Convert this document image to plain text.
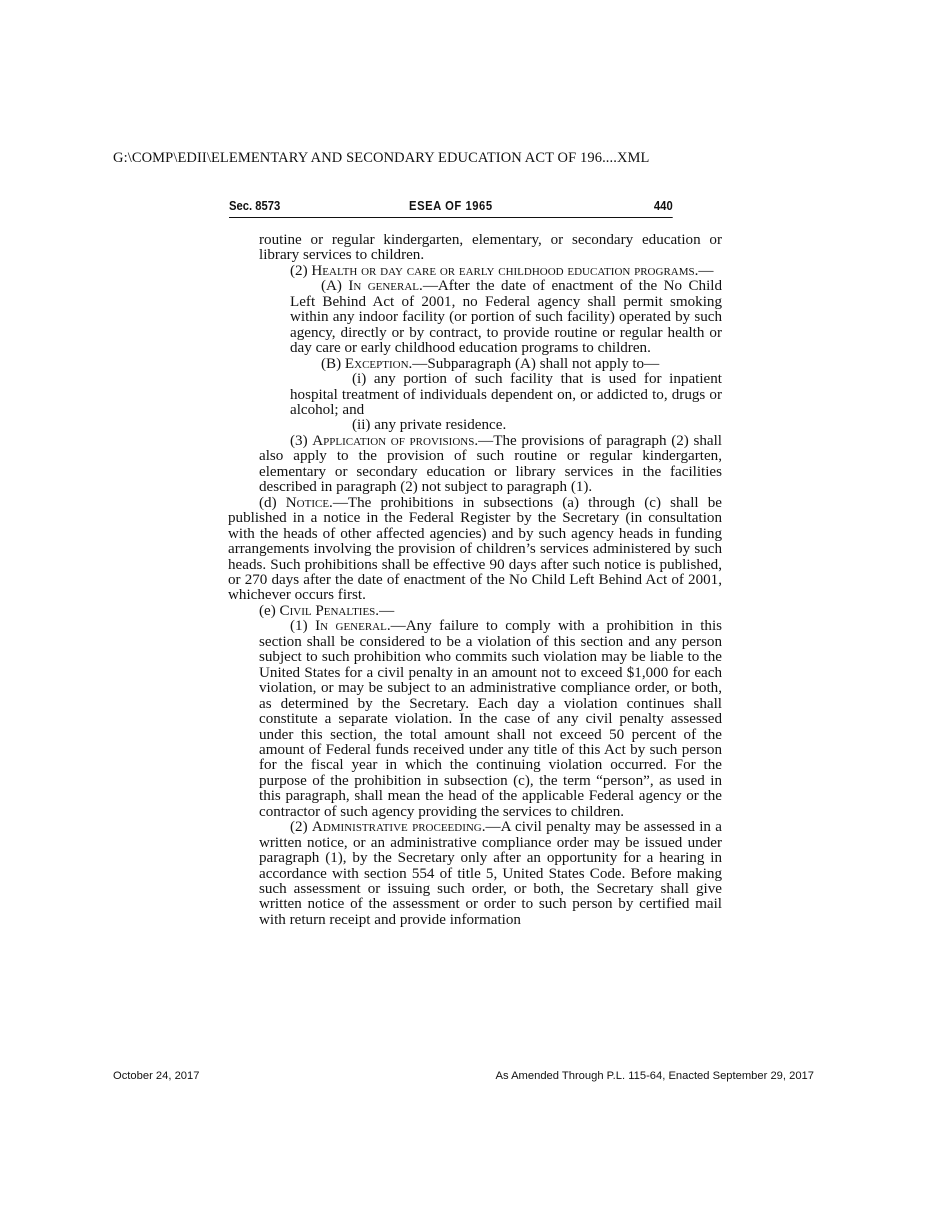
G:\COMP\EDII\ELEMENTARY AND SECONDARY EDUCATION ACT OF 196....XML
Sec. 8573	ESEA OF 1965	440

routine or regular kindergarten, elementary, or secondary education or library services to children.

(2) Health or day care or early childhood education programs.—

(A) In general.—After the date of enactment of the No Child Left Behind Act of 2001, no Federal agency shall permit smoking within any indoor facility (or portion of such facility) operated by such agency, directly or by contract, to provide routine or regular health or day care or early childhood education programs to children.

(B) Exception.—Subparagraph (A) shall not apply to—

(i) any portion of such facility that is used for inpatient hospital treatment of individuals dependent on, or addicted to, drugs or alcohol; and

(ii) any private residence.

(3) Application of provisions.—The provisions of paragraph (2) shall also apply to the provision of such routine or regular kindergarten, elementary or secondary education or library services in the facilities described in paragraph (2) not subject to paragraph (1).

(d) Notice.—The prohibitions in subsections (a) through (c) shall be published in a notice in the Federal Register by the Secretary (in consultation with the heads of other affected agencies) and by such agency heads in funding arrangements involving the provision of children’s services administered by such heads. Such prohibitions shall be effective 90 days after such notice is published, or 270 days after the date of enactment of the No Child Left Behind Act of 2001, whichever occurs first.

(e) Civil Penalties.—

(1) In general.—Any failure to comply with a prohibition in this section shall be considered to be a violation of this section and any person subject to such prohibition who commits such violation may be liable to the United States for a civil penalty in an amount not to exceed $1,000 for each violation, or may be subject to an administrative compliance order, or both, as determined by the Secretary. Each day a violation continues shall constitute a separate violation. In the case of any civil penalty assessed under this section, the total amount shall not exceed 50 percent of the amount of Federal funds received under any title of this Act by such person for the fiscal year in which the continuing violation occurred. For the purpose of the prohibition in subsection (c), the term “person”, as used in this paragraph, shall mean the head of the applicable Federal agency or the contractor of such agency providing the services to children.

(2) Administrative proceeding.—A civil penalty may be assessed in a written notice, or an administrative compliance order may be issued under paragraph (1), by the Secretary only after an opportunity for a hearing in accordance with section 554 of title 5, United States Code. Before making such assessment or issuing such order, or both, the Secretary shall give written notice of the assessment or order to such person by certified mail with return receipt and provide information

October 24, 2017	As Amended Through P.L. 115-64, Enacted September 29, 2017
